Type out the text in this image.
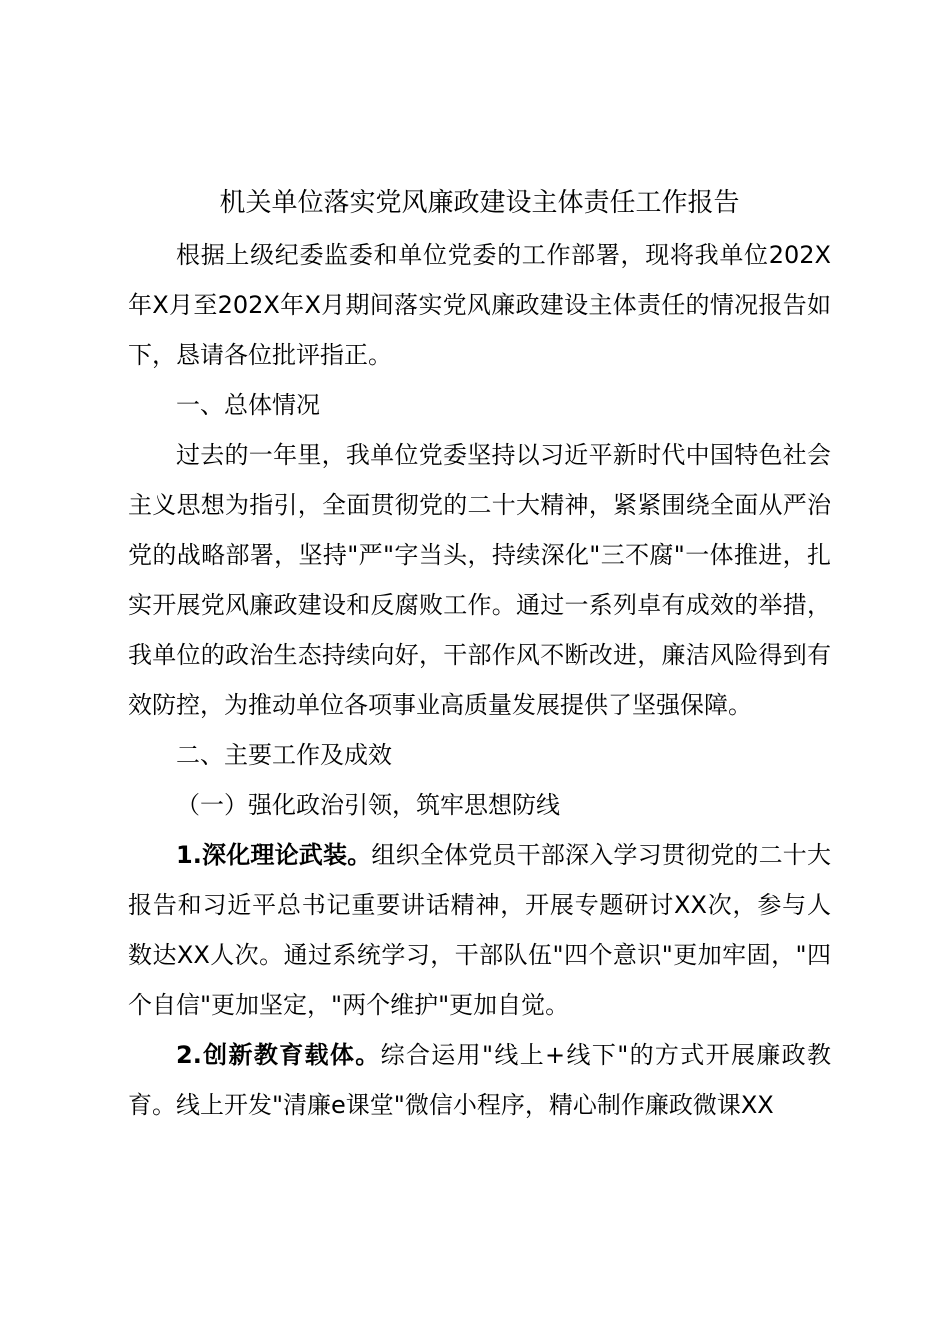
机关单位落实党风廉政建设主体责任工作报告

根据上级纪委监委和单位党委的工作部署，现将我单位202X年X月至202X年X月期间落实党风廉政建设主体责任的情况报告如下，恳请各位批评指正。

一、总体情况

过去的一年里，我单位党委坚持以习近平新时代中国特色社会主义思想为指引，全面贯彻党的二十大精神，紧紧围绕全面从严治党的战略部署，坚持"严"字当头，持续深化"三不腐"一体推进，扎实开展党风廉政建设和反腐败工作。通过一系列卓有成效的举措，我单位的政治生态持续向好，干部作风不断改进，廉洁风险得到有效防控，为推动单位各项事业高质量发展提供了坚强保障。

二、主要工作及成效

（一）强化政治引领，筑牢思想防线

1.深化理论武装。组织全体党员干部深入学习贯彻党的二十大报告和习近平总书记重要讲话精神，开展专题研讨XX次，参与人数达XX人次。通过系统学习，干部队伍"四个意识"更加牢固，"四个自信"更加坚定，"两个维护"更加自觉。

2.创新教育载体。综合运用"线上+线下"的方式开展廉政教育。线上开发"清廉e课堂"微信小程序，精心制作廉政微课XX
